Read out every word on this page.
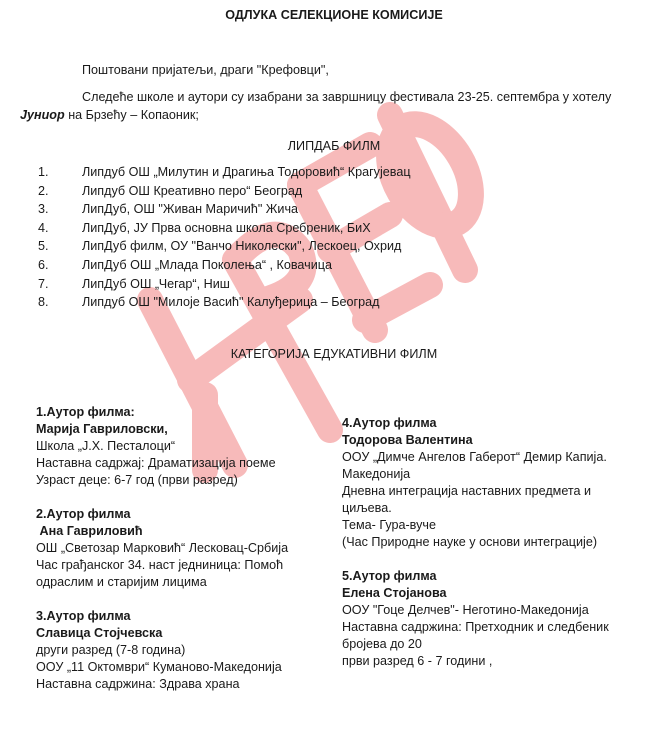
ОДЛУКА СЕЛЕКЦИОНЕ КОМИСИЈЕ
Поштовани пријатељи, драги "Крефовци",
Следеће школе и аутори су изабрани за завршницу фестивала 23-25. септембра у хотелу
Јуниор на Брзећу – Копаоник;
ЛИПДАБ ФИЛМ
1.	Липдуб ОШ „Милутин и Драгиња Тодоровић“ Крагујевац
2.	Липдуб ОШ Креативно перо“ Београд
3.	ЛипДуб, ОШ "Живан Маричић" Жича
4.	ЛипДуб, ЈУ Прва основна школа Сребреник, БиХ
5.	ЛипДуб филм, ОУ "Ванчо Николески", Лескоец, Охрид
6.	ЛипДуб ОШ „Млада Поколења“ , Ковачица
7.	ЛипДуб ОШ „Чегар“, Ниш
8.	Липдуб ОШ "Милоје Васић" Калуђерица – Београд
КАТЕГОРИЈА ЕДУКАТИВНИ ФИЛМ
1.Аутор филма:
Марија Гавриловски,
Школа „Ј.Х. Песталоци“
Наставна садржај: Драматизација поеме
Узраст деце: 6-7 год (први разред)
2.Аутор филма
Ана Гавриловић
ОШ „Светозар Марковић“ Лесковац-Србија
Час грађанског 34. наст једниница: Помоћ
одраслим и старијим лицима
3.Аутор филма
Славица Стојчевска
други разред (7-8 година)
ООУ „11 Октомври“ Куманово-Македонија
Наставна садржина: Здрава храна
4.Аутор филма
Тодорова Валентина
ООУ „Димче Ангелов Габерот“ Демир Капија.
Македонија
Дневна интеграција наставних предмета и
циљева.
Тема- Гура-вуче
(Час Природне науке у основи интеграције)
5.Аутор филма
Елена Стојанова
ООУ "Гоце Делчев"- Неготино-Македонија
Наставна садржина: Претходник и следбеник
бројева до 20
први разред 6 - 7 години ,
